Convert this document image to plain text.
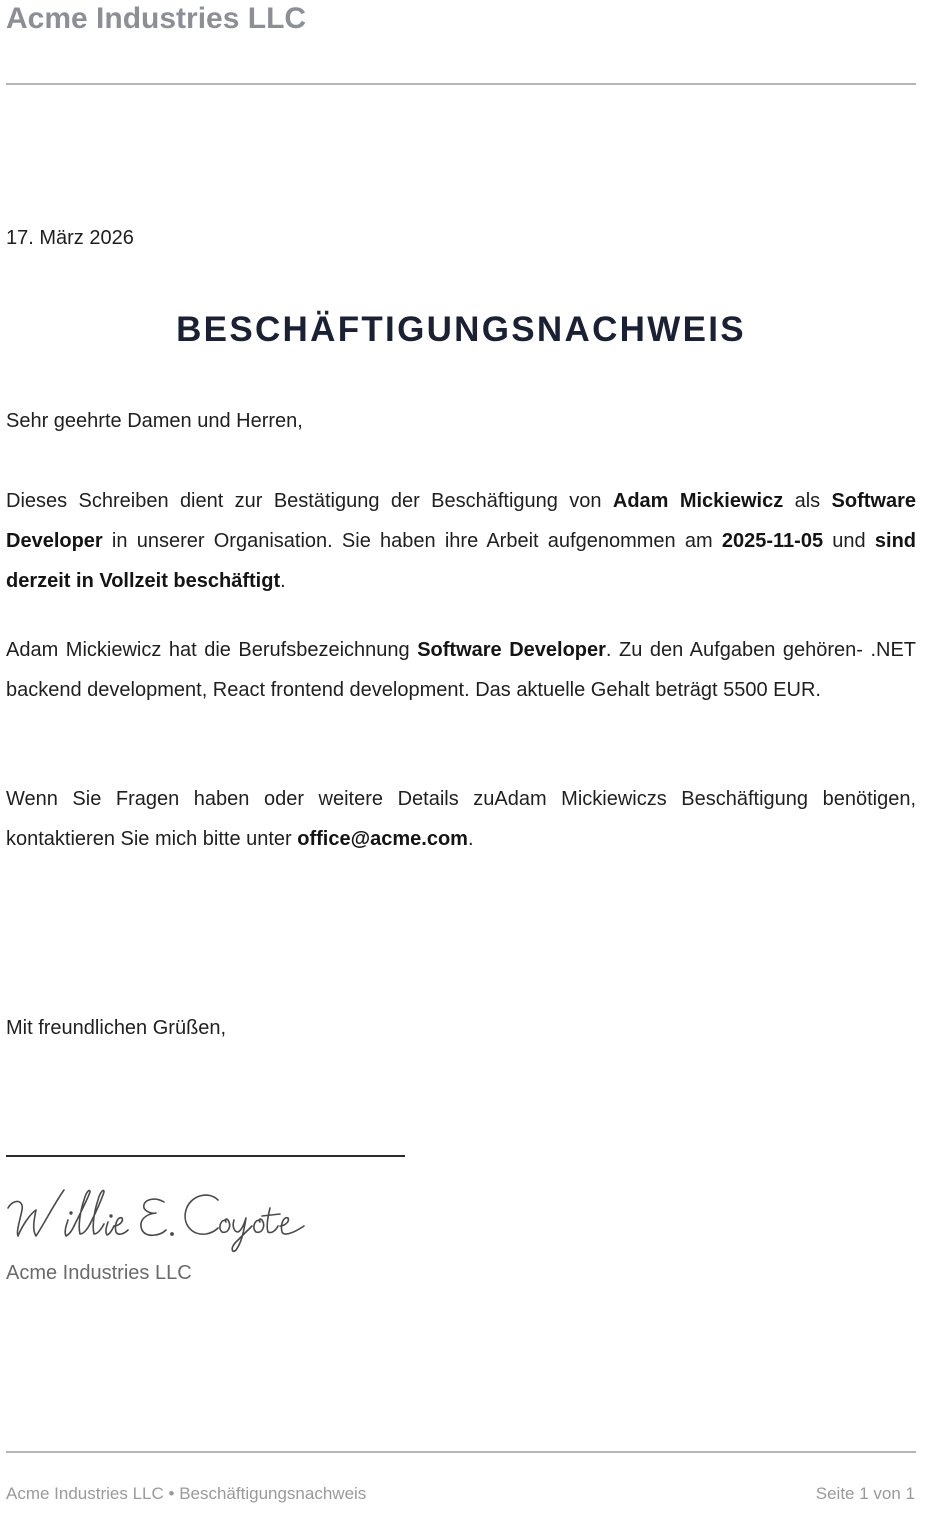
Acme Industries LLC
17. März 2026
BESCHÄFTIGUNGSNACHWEIS
Sehr geehrte Damen und Herren,
Dieses Schreiben dient zur Bestätigung der Beschäftigung von Adam Mickiewicz als Software Developer in unserer Organisation. Sie haben ihre Arbeit aufgenommen am 2025-11-05 und sind derzeit in Vollzeit beschäftigt.
Adam Mickiewicz hat die Berufsbezeichnung Software Developer. Zu den Aufgaben gehören- .NET backend development, React frontend development. Das aktuelle Gehalt beträgt 5500 EUR.
Wenn Sie Fragen haben oder weitere Details zuAdam Mickiewiczs Beschäftigung benötigen, kontaktieren Sie mich bitte unter office@acme.com.
Mit freundlichen Grüßen,
Acme Industries LLC
Acme Industries LLC • Beschäftigungsnachweis	Seite 1 von 1
